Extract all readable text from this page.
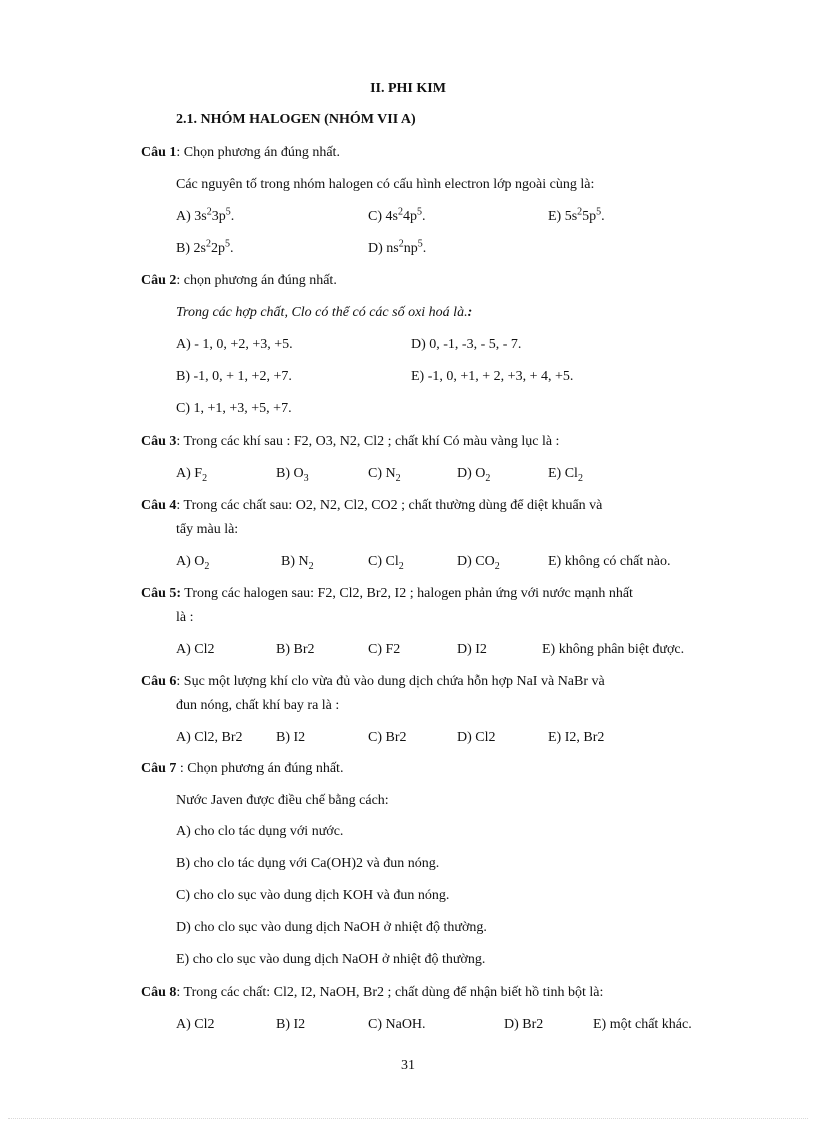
II. PHI KIM
2.1. NHÓM HALOGEN (NHÓM VII A)
Câu 1: Chọn phương án đúng nhất.
Các nguyên tố trong nhóm halogen có cấu hình electron lớp ngoài cùng là:
A) $3s^23p^5$.	C) $4s^24p^5$.	E) $5s^25p^5$.
B) $2s^22p^5$.	D) $ns^2np^5$.
Câu 2: chọn phương án đúng nhất.
Trong các hợp chất, Clo có thể có các số oxi hoá là.:
A) - 1, 0, +2, +3, +5.	D) 0, -1, -3, - 5, - 7.
B) -1, 0, + 1, +2, +7.	E) -1, 0, +1, + 2, +3, + 4, +5.
C) 1, +1, +3, +5, +7.
Câu 3: Trong các khí sau : F2, O3, N2, Cl2 ; chất khí Có màu vàng lục là :
A) $F_2$	B) $O_3$	C) $N_2$	D) $O_2$	E) $Cl_2$
Câu 4: Trong các chất sau: O2, N2, Cl2, CO2 ; chất thường dùng để diệt khuẩn và
tẩy màu là:
A) $O_2$	B) $N_2$	C) $Cl_2$	D) $CO_2$	E) không có chất nào.
Câu 5: Trong các halogen sau: F2, Cl2, Br2, I2 ; halogen phản ứng với nước mạnh nhất
là :
A) Cl2	B) Br2	C) F2	D) I2	E) không phân biệt được.
Câu 6: Sục một lượng khí clo vừa đủ vào dung dịch chứa hỗn hợp NaI và NaBr và
đun nóng, chất khí bay ra là :
A) Cl2, Br2 B) I2	C) Br2	D) Cl2	E) I2, Br2
Câu 7 : Chọn phương án đúng nhất.
Nước Javen được điều chế bằng cách:
A) cho clo tác dụng với nước.
B) cho clo tác dụng với Ca(OH)2 và đun nóng.
C) cho clo sục vào dung dịch KOH và đun nóng.
D) cho clo sục vào dung dịch NaOH ở nhiệt độ thường.
E) cho clo sục vào dung dịch NaOH ở nhiệt độ thường.
Câu 8: Trong các chất: Cl2, I2, NaOH, Br2 ; chất dùng để nhận biết hồ tinh bột là:
A) Cl2	B) I2	C) NaOH.	D) Br2	E) một chất khác.
31
